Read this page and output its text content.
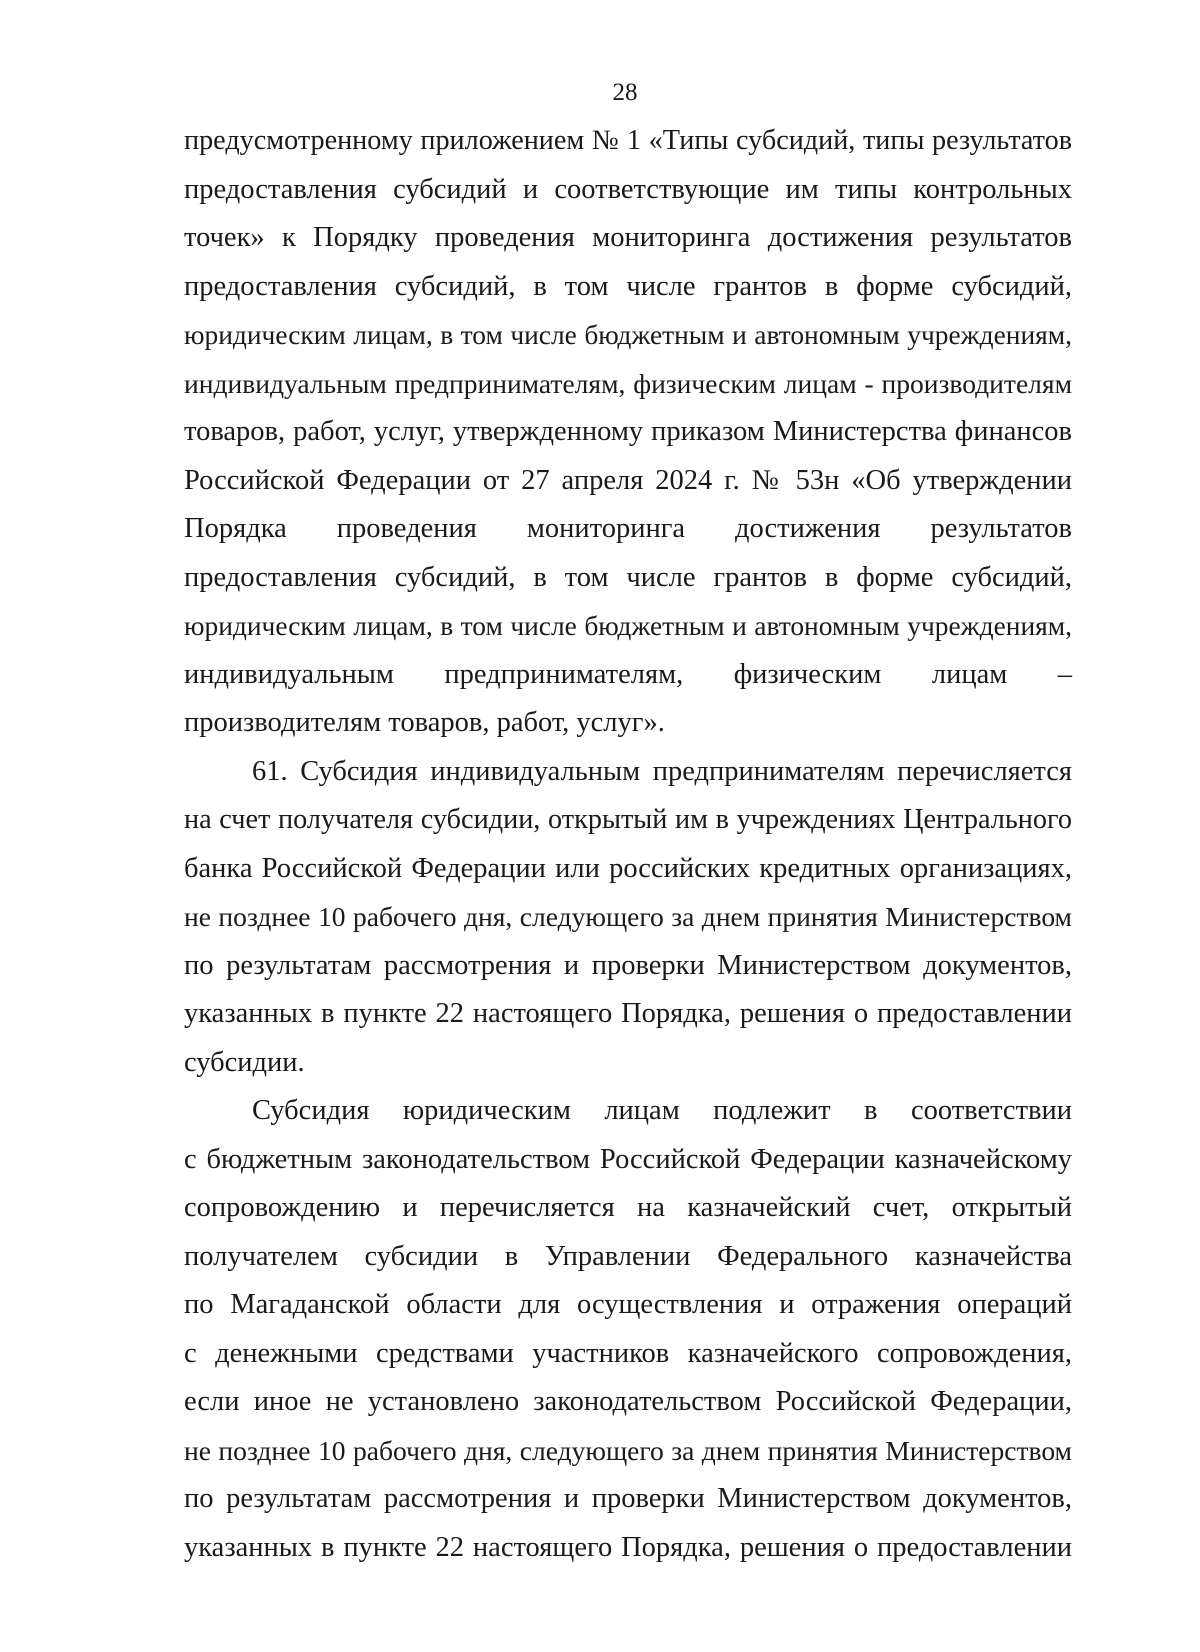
28
предусмотренному приложением № 1 «Типы субсидий, типы результатов
предоставления субсидий и соответствующие им типы контрольных
точек» к Порядку проведения мониторинга достижения результатов
предоставления субсидий, в том числе грантов в форме субсидий,
юридическим лицам, в том числе бюджетным и автономным учреждениям,
индивидуальным предпринимателям, физическим лицам - производителям
товаров, работ, услуг, утвержденному приказом Министерства финансов
Российской Федерации от 27 апреля 2024 г. № 53н «Об утверждении
Порядка проведения мониторинга достижения результатов
предоставления субсидий, в том числе грантов в форме субсидий,
юридическим лицам, в том числе бюджетным и автономным учреждениям,
индивидуальным предпринимателям, физическим лицам –
производителям товаров, работ, услуг».
61. Субсидия индивидуальным предпринимателям перечисляется
на счет получателя субсидии, открытый им в учреждениях Центрального
банка Российской Федерации или российских кредитных организациях,
не позднее 10 рабочего дня, следующего за днем принятия Министерством
по результатам рассмотрения и проверки Министерством документов,
указанных в пункте 22 настоящего Порядка, решения о предоставлении
субсидии.
Субсидия юридическим лицам подлежит в соответствии
с бюджетным законодательством Российской Федерации казначейскому
сопровождению и перечисляется на казначейский счет, открытый
получателем субсидии в Управлении Федерального казначейства
по Магаданской области для осуществления и отражения операций
с денежными средствами участников казначейского сопровождения,
если иное не установлено законодательством Российской Федерации,
не позднее 10 рабочего дня, следующего за днем принятия Министерством
по результатам рассмотрения и проверки Министерством документов,
указанных в пункте 22 настоящего Порядка, решения о предоставлении
